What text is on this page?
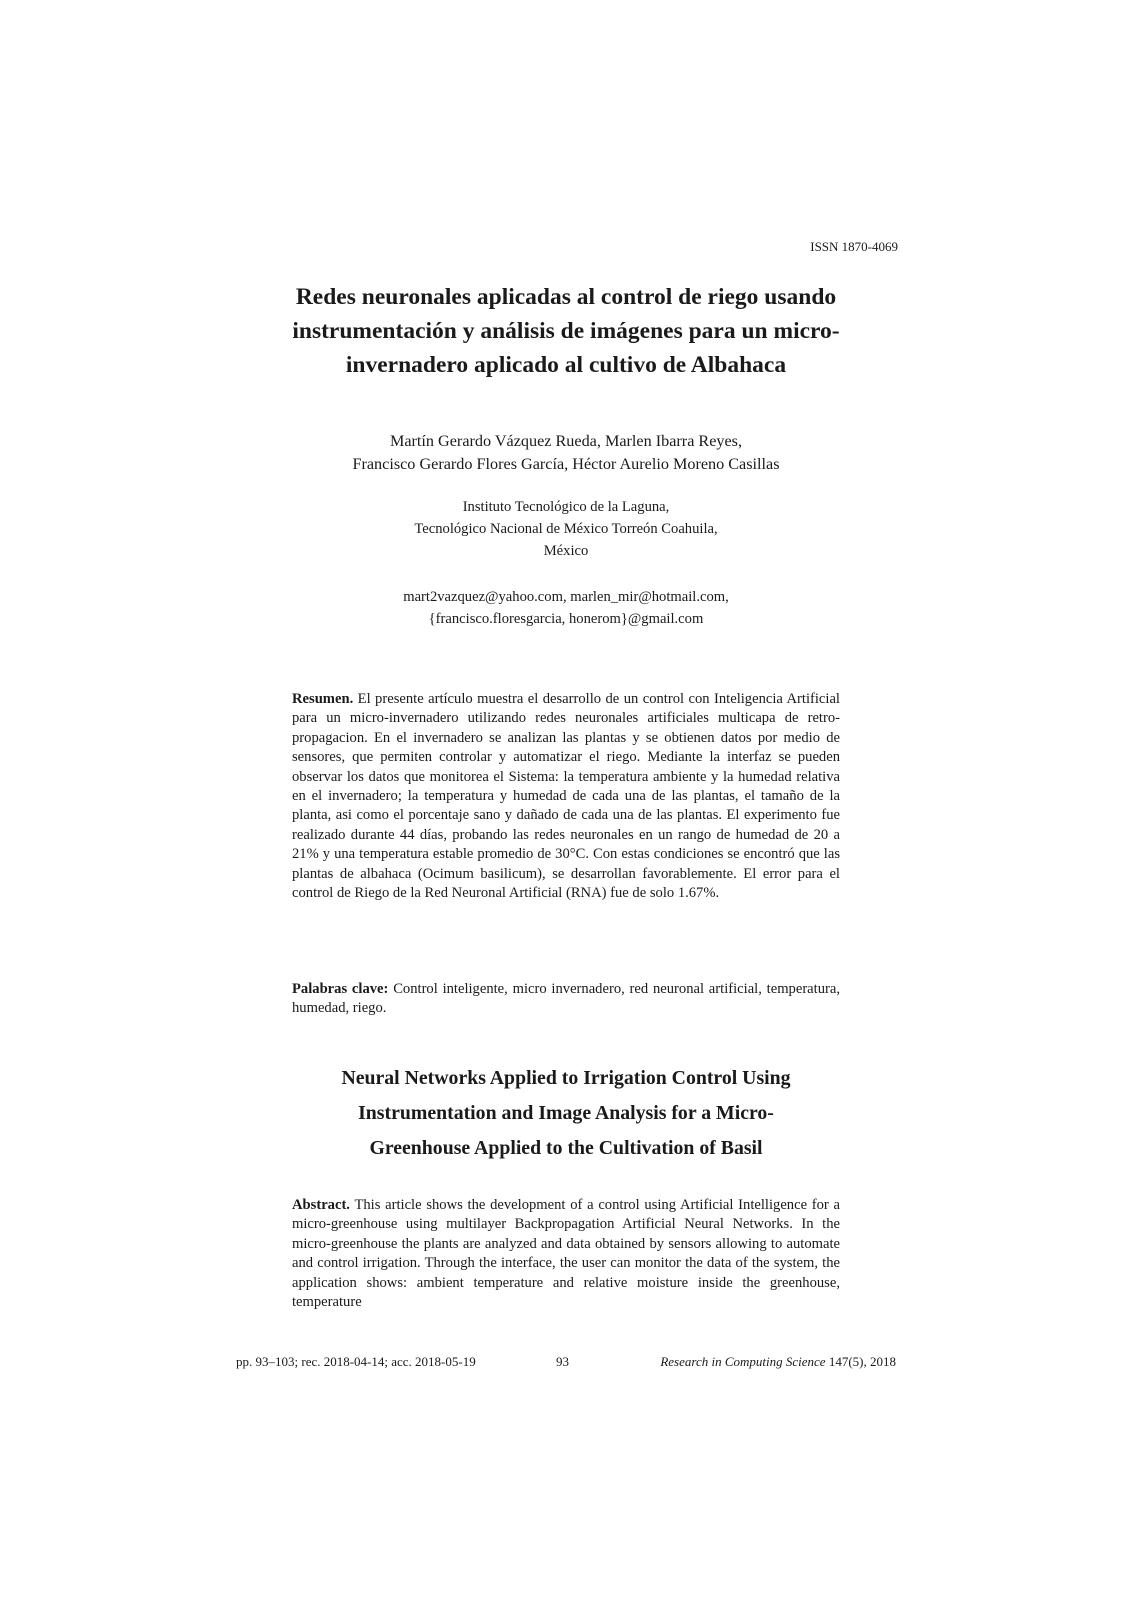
ISSN 1870-4069
Redes neuronales aplicadas al control de riego usando
instrumentación y análisis de imágenes para un micro-
invernadero aplicado al cultivo de Albahaca
Martín Gerardo Vázquez Rueda, Marlen Ibarra Reyes,
Francisco Gerardo Flores García, Héctor Aurelio Moreno Casillas
Instituto Tecnológico de la Laguna,
Tecnológico Nacional de México Torreón Coahuila,
México
mart2vazquez@yahoo.com, marlen_mir@hotmail.com,
{francisco.floresgarcia, honerom}@gmail.com

Resumen. El presente artículo muestra el desarrollo de un control con Inteligencia Artificial para un micro-invernadero utilizando redes neuronales artificiales multicapa de retro-propagacion. En el invernadero se analizan las plantas y se obtienen datos por medio de sensores, que permiten controlar y automatizar el riego. Mediante la interfaz se pueden observar los datos que monitorea el Sistema: la temperatura ambiente y la humedad relativa en el invernadero; la temperatura y humedad de cada una de las plantas, el tamaño de la planta, asi como el porcentaje sano y dañado de cada una de las plantas. El experimento fue realizado durante 44 días, probando las redes neuronales en un rango de humedad de 20 a 21% y una temperatura estable promedio de 30°C. Con estas condiciones se encontró que las plantas de albahaca (Ocimum basilicum), se desarrollan favorablemente. El error para el control de Riego de la Red Neuronal Artificial (RNA) fue de solo 1.67%.

Palabras clave: Control inteligente, micro invernadero, red neuronal artificial, temperatura, humedad, riego.

Neural Networks Applied to Irrigation Control Using
Instrumentation and Image Analysis for a Micro-
Greenhouse Applied to the Cultivation of Basil

Abstract. This article shows the development of a control using Artificial Intelligence for a micro-greenhouse using multilayer Backpropagation Artificial Neural Networks. In the micro-greenhouse the plants are analyzed and data obtained by sensors allowing to automate and control irrigation. Through the interface, the user can monitor the data of the system, the application shows: ambient temperature and relative moisture inside the greenhouse, temperature

pp. 93–103; rec. 2018-04-14; acc. 2018-05-19	93	Research in Computing Science 147(5), 2018
